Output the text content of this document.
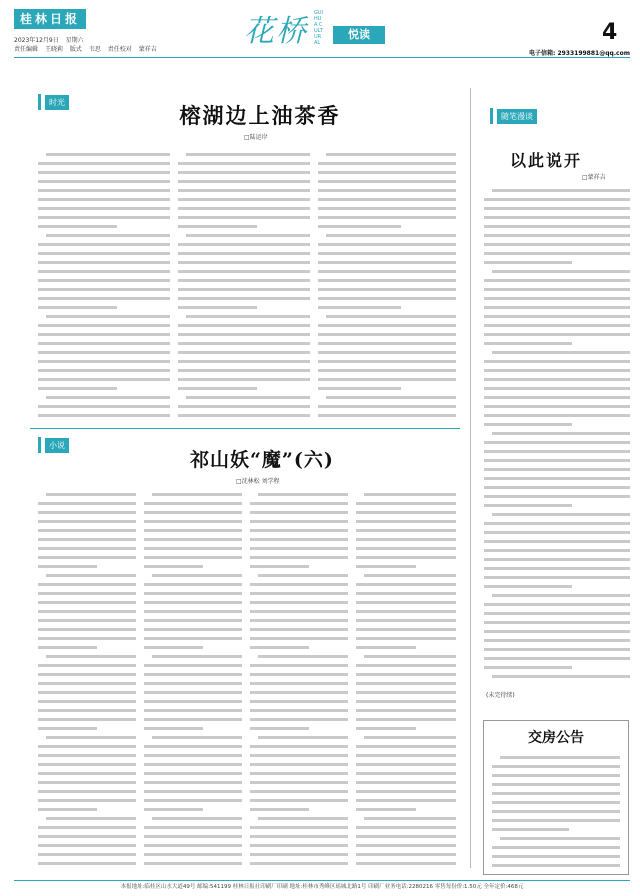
桂林日报
2023年12月9日 星期六
责任编辑 王晓莉 版式 韦思 责任校对 蒙祥吉
花桥
GUIHUA CULTURAL
悦读	4
电子信箱: 2933199881@qq.com
时光
榕湖边上油茶香
□陆运岸
小说
祁山妖“魔”(六)
□沈林松 刘学程
随笔漫谈
以此说开
□蒙祥吉
(未完待续)
交房公告
本报地址:临桂区山水大道49号 邮编:541199 桂林日报社印刷厂印刷 地址:桂林市秀峰区瑶城北路1号 印刷厂业务电话:2280216 零售每份价:1.50元 全年定价:468元
